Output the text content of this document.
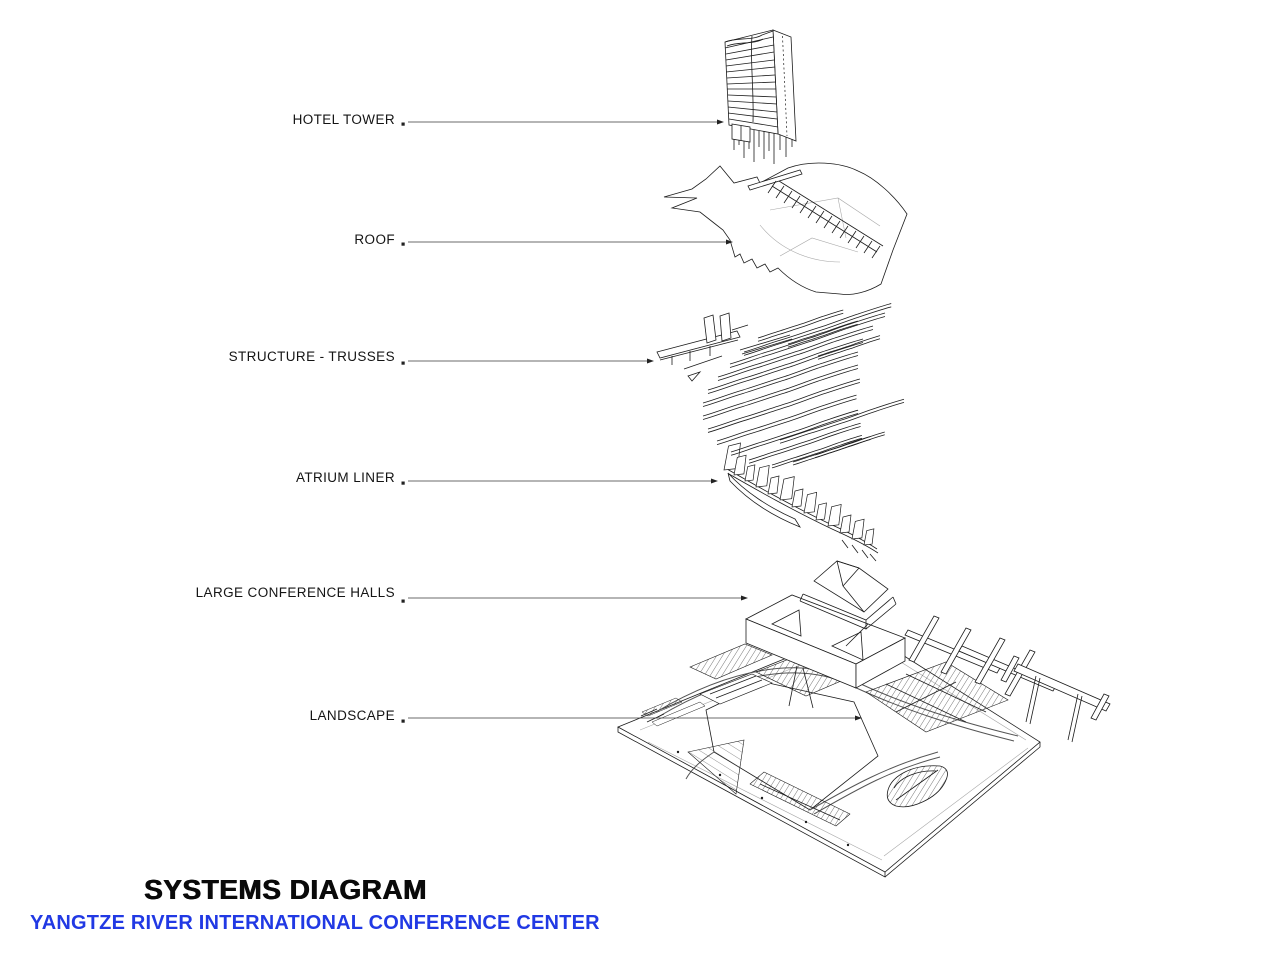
HOTEL TOWER
ROOF
STRUCTURE - TRUSSES
ATRIUM LINER
LARGE CONFERENCE HALLS
LANDSCAPE
SYSTEMS DIAGRAM
YANGTZE RIVER INTERNATIONAL CONFERENCE CENTER
